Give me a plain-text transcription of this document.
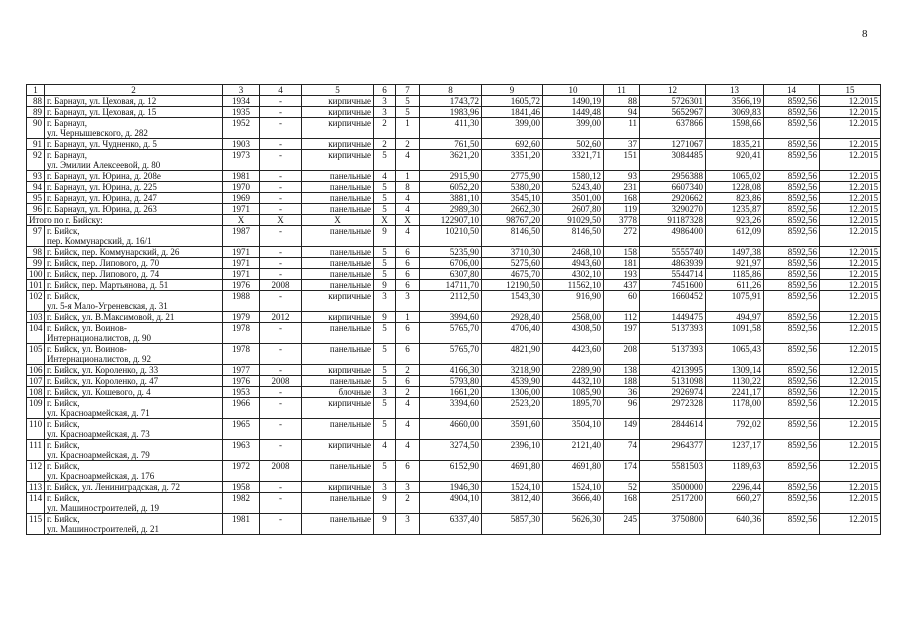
8
1	2	3	4	5	6	7	8	9	10	11	12	13	14	15
88	г. Барнаул, ул. Цеховая, д. 12	1934	-	кирпичные	3	5	1743,72	1605,72	1490,19	88	5726301	3566,19	8592,56	12.2015
89	г. Барнаул, ул. Цеховая, д. 15	1935	-	кирпичные	3	5	1983,96	1841,46	1449,48	94	5652967	3069,83	8592,56	12.2015
90	г. Барнаул,
ул. Чернышевского, д. 282	1952	-	кирпичные	2	1	411,30	399,00	399,00	11	637866	1598,66	8592,56	12.2015
91	г. Барнаул, ул. Чудненко, д. 5	1903	-	кирпичные	2	2	761,50	692,60	502,60	37	1271067	1835,21	8592,56	12.2015
92	г. Барнаул,
ул. Эмилии Алексеевой, д. 80	1973	-	кирпичные	5	4	3621,20	3351,20	3321,71	151	3084485	920,41	8592,56	12.2015
93	г. Барнаул, ул. Юрина, д. 208е	1981	-	панельные	4	1	2915,90	2775,90	1580,12	93	2956388	1065,02	8592,56	12.2015
94	г. Барнаул, ул. Юрина, д. 225	1970	-	панельные	5	8	6052,20	5380,20	5243,40	231	6607340	1228,08	8592,56	12.2015
95	г. Барнаул, ул. Юрина, д. 247	1969	-	панельные	5	4	3881,10	3545,10	3501,00	168	2920662	823,86	8592,56	12.2015
96	г. Барнаул, ул. Юрина, д. 263	1971	-	панельные	5	4	2989,30	2662,30	2607,80	119	3290270	1235,87	8592,56	12.2015
Итого по г. Бийску:		X	X	X	X	X	122907,10	98767,20	91029,50	3778	91187328	923,26	8592,56	12.2015
97	г. Бийск,
пер. Коммунарский, д. 16/1	1987	-	панельные	9	4	10210,50	8146,50	8146,50	272	4986400	612,09	8592,56	12.2015
98	г. Бийск, пер. Коммунарский, д. 26	1971	-	панельные	5	6	5235,90	3710,30	2468,10	158	5555740	1497,38	8592,56	12.2015
99	г. Бийск, пер. Липового, д. 70	1971	-	панельные	5	6	6706,00	5275,60	4943,60	181	4863939	921,97	8592,56	12.2015
100	г. Бийск, пер. Липового, д. 74	1971	-	панельные	5	6	6307,80	4675,70	4302,10	193	5544714	1185,86	8592,56	12.2015
101	г. Бийск, пер. Мартьянова, д. 51	1976	2008	панельные	9	6	14711,70	12190,50	11562,10	437	7451600	611,26	8592,56	12.2015
102	г. Бийск,
ул. 5-я Мало-Угреневская, д. 31	1988	-	кирпичные	3	3	2112,50	1543,30	916,90	60	1660452	1075,91	8592,56	12.2015
103	г. Бийск, ул. В.Максимовой, д. 21	1979	2012	кирпичные	9	1	3994,60	2928,40	2568,00	112	1449475	494,97	8592,56	12.2015
104	г. Бийск, ул. Воинов-
Интернационалистов, д. 90	1978	-	панельные	5	6	5765,70	4706,40	4308,50	197	5137393	1091,58	8592,56	12.2015
105	г. Бийск, ул. Воинов-
Интернационалистов, д. 92	1978	-	панельные	5	6	5765,70	4821,90	4423,60	208	5137393	1065,43	8592,56	12.2015
106	г. Бийск, ул. Короленко, д. 33	1977	-	кирпичные	5	2	4166,30	3218,90	2289,90	138	4213995	1309,14	8592,56	12.2015
107	г. Бийск, ул. Короленко, д. 47	1976	2008	панельные	5	6	5793,80	4539,90	4432,10	188	5131098	1130,22	8592,56	12.2015
108	г. Бийск, ул. Кошевого, д. 4	1953	-	блочные	3	2	1661,20	1306,00	1085,90	36	2926974	2241,17	8592,56	12.2015
109	г. Бийск,
ул. Красноармейская, д. 71	1966	-	кирпичные	5	4	3394,60	2523,20	1895,70	96	2972328	1178,00	8592,56	12.2015
110	г. Бийск,
ул. Красноармейская, д. 73	1965	-	панельные	5	4	4660,00	3591,60	3504,10	149	2844614	792,02	8592,56	12.2015
111	г. Бийск,
ул. Красноармейская, д. 79	1963	-	кирпичные	4	4	3274,50	2396,10	2121,40	74	2964377	1237,17	8592,56	12.2015
112	г. Бийск,
ул. Красноармейская, д. 176	1972	2008	панельные	5	6	6152,90	4691,80	4691,80	174	5581503	1189,63	8592,56	12.2015
113	г. Бийск, ул. Лениниградская, д. 72	1958	-	кирпичные	3	3	1946,30	1524,10	1524,10	52	3500000	2296,44	8592,56	12.2015
114	г. Бийск,
ул. Машиностроителей, д. 19	1982	-	панельные	9	2	4904,10	3812,40	3666,40	168	2517200	660,27	8592,56	12.2015
115	г. Бийск,
ул. Машиностроителей, д. 21	1981	-	панельные	9	3	6337,40	5857,30	5626,30	245	3750800	640,36	8592,56	12.2015
